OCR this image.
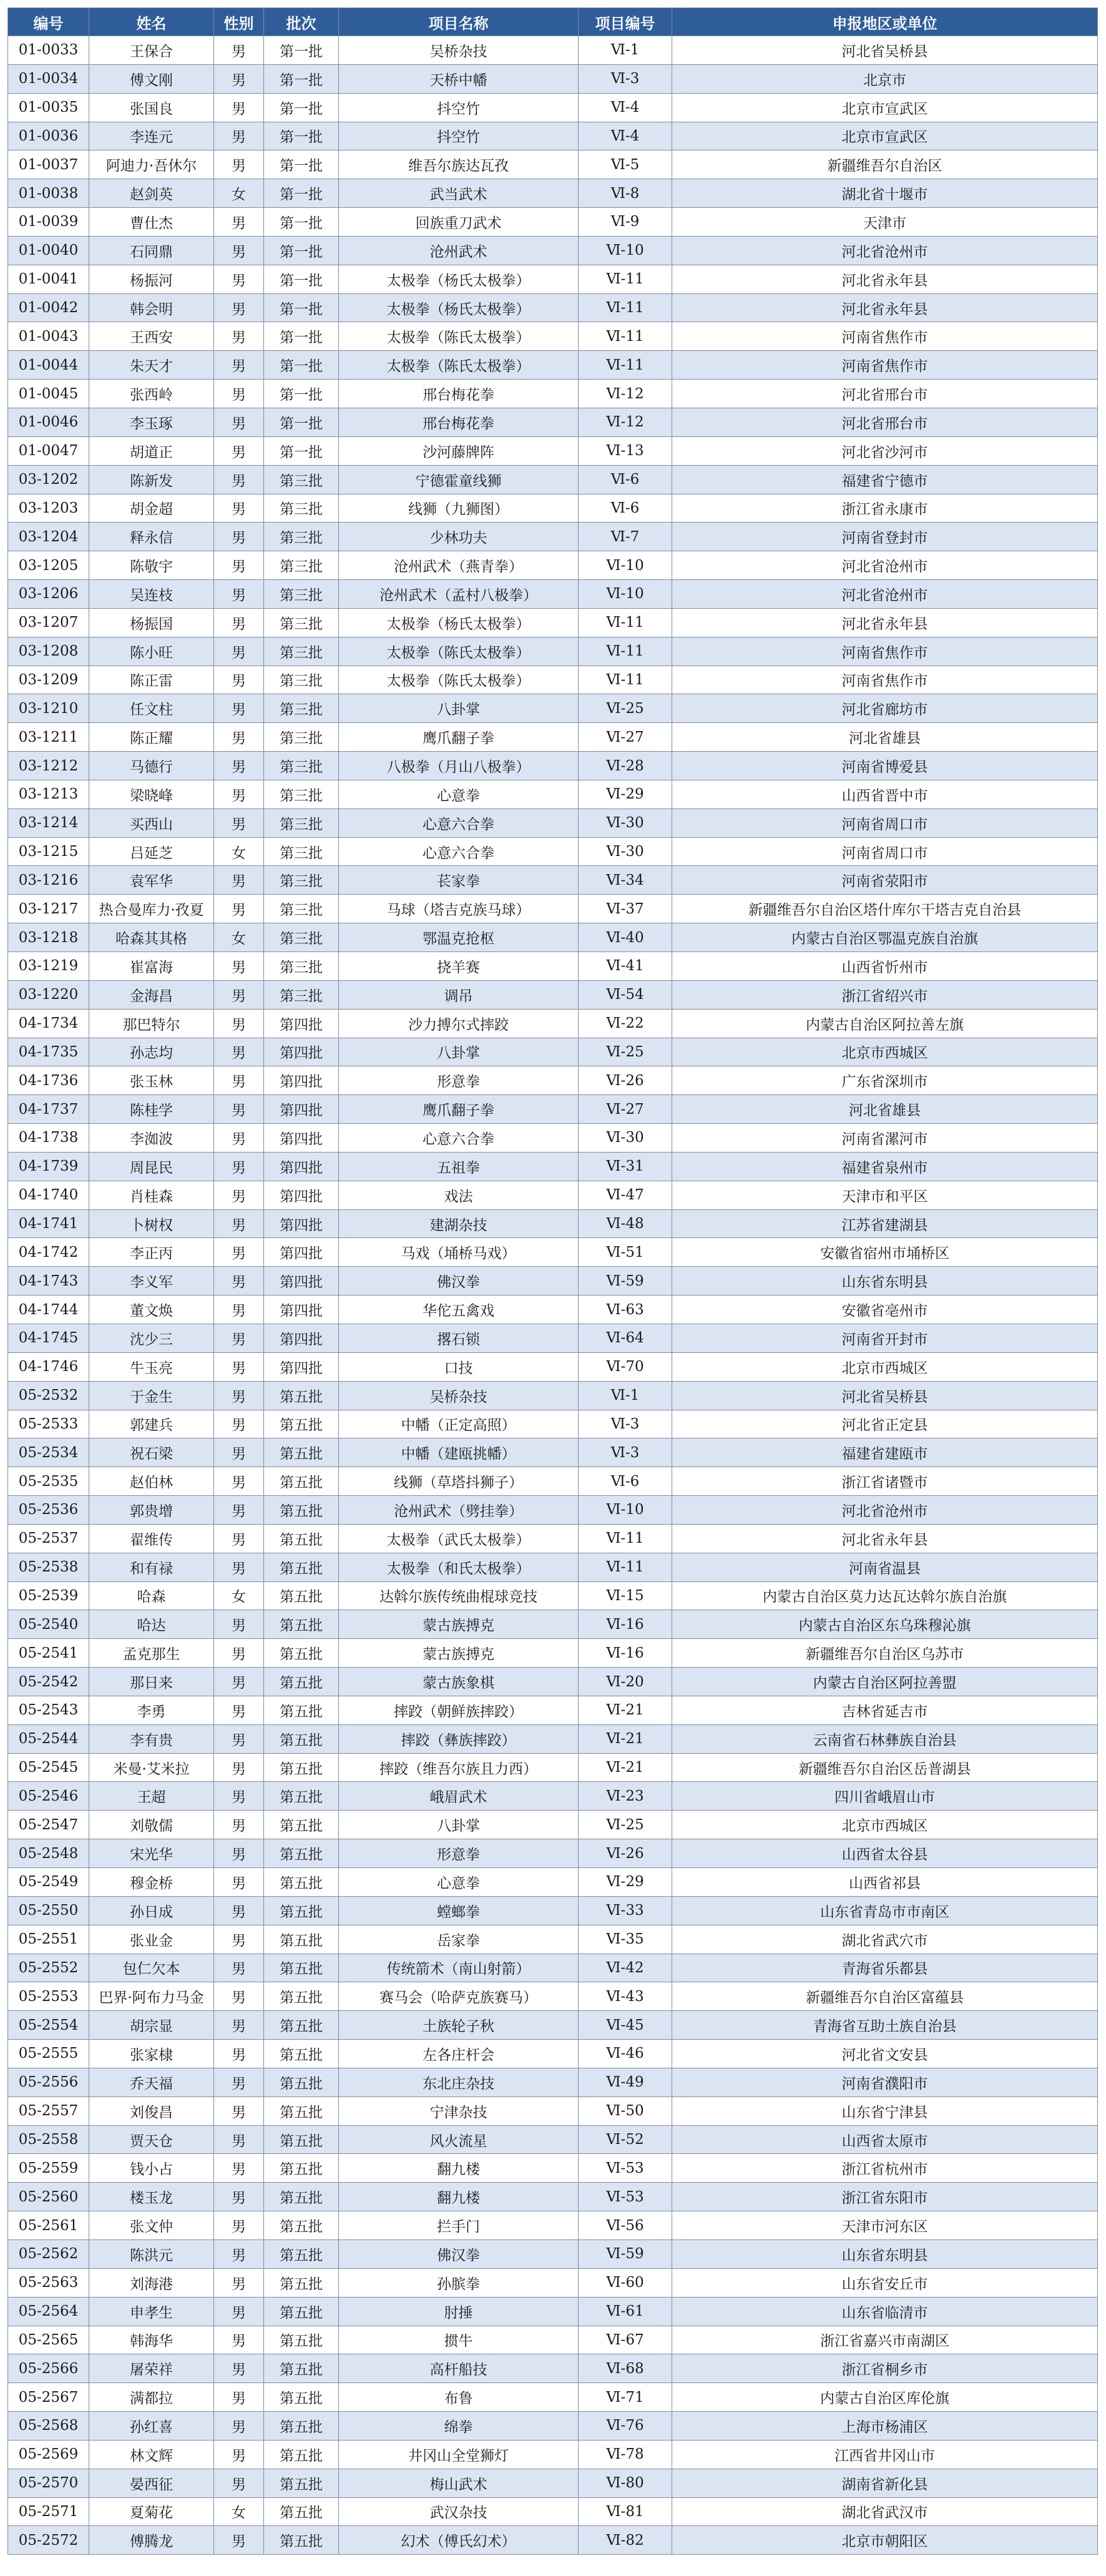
编号	姓名	性别	批次	项目名称	项目编号	申报地区或单位
01-0033	王保合	男	第一批	吴桥杂技	Ⅵ-1	河北省吴桥县
01-0034	傅文刚	男	第一批	天桥中幡	Ⅵ-3	北京市
01-0035	张国良	男	第一批	抖空竹	Ⅵ-4	北京市宣武区
01-0036	李连元	男	第一批	抖空竹	Ⅵ-4	北京市宣武区
01-0037	阿迪力·吾休尔	男	第一批	维吾尔族达瓦孜	Ⅵ-5	新疆维吾尔自治区
01-0038	赵剑英	女	第一批	武当武术	Ⅵ-8	湖北省十堰市
01-0039	曹仕杰	男	第一批	回族重刀武术	Ⅵ-9	天津市
01-0040	石同鼎	男	第一批	沧州武术	Ⅵ-10	河北省沧州市
01-0041	杨振河	男	第一批	太极拳（杨氏太极拳）	Ⅵ-11	河北省永年县
01-0042	韩会明	男	第一批	太极拳（杨氏太极拳）	Ⅵ-11	河北省永年县
01-0043	王西安	男	第一批	太极拳（陈氏太极拳）	Ⅵ-11	河南省焦作市
01-0044	朱天才	男	第一批	太极拳（陈氏太极拳）	Ⅵ-11	河南省焦作市
01-0045	张西岭	男	第一批	邢台梅花拳	Ⅵ-12	河北省邢台市
01-0046	李玉琢	男	第一批	邢台梅花拳	Ⅵ-12	河北省邢台市
01-0047	胡道正	男	第一批	沙河藤牌阵	Ⅵ-13	河北省沙河市
03-1202	陈新发	男	第三批	宁德霍童线狮	Ⅵ-6	福建省宁德市
03-1203	胡金超	男	第三批	线狮（九狮图）	Ⅵ-6	浙江省永康市
03-1204	释永信	男	第三批	少林功夫	Ⅵ-7	河南省登封市
03-1205	陈敬宇	男	第三批	沧州武术（燕青拳）	Ⅵ-10	河北省沧州市
03-1206	吴连枝	男	第三批	沧州武术（孟村八极拳）	Ⅵ-10	河北省沧州市
03-1207	杨振国	男	第三批	太极拳（杨氏太极拳）	Ⅵ-11	河北省永年县
03-1208	陈小旺	男	第三批	太极拳（陈氏太极拳）	Ⅵ-11	河南省焦作市
03-1209	陈正雷	男	第三批	太极拳（陈氏太极拳）	Ⅵ-11	河南省焦作市
03-1210	任文柱	男	第三批	八卦掌	Ⅵ-25	河北省廊坊市
03-1211	陈正耀	男	第三批	鹰爪翻子拳	Ⅵ-27	河北省雄县
03-1212	马德行	男	第三批	八极拳（月山八极拳）	Ⅵ-28	河南省博爱县
03-1213	梁晓峰	男	第三批	心意拳	Ⅵ-29	山西省晋中市
03-1214	买西山	男	第三批	心意六合拳	Ⅵ-30	河南省周口市
03-1215	吕延芝	女	第三批	心意六合拳	Ⅵ-30	河南省周口市
03-1216	袁军华	男	第三批	苌家拳	Ⅵ-34	河南省荥阳市
03-1217	热合曼库力·孜夏	男	第三批	马球（塔吉克族马球）	Ⅵ-37	新疆维吾尔自治区塔什库尔干塔吉克自治县
03-1218	哈森其其格	女	第三批	鄂温克抢枢	Ⅵ-40	内蒙古自治区鄂温克族自治旗
03-1219	崔富海	男	第三批	挠羊赛	Ⅵ-41	山西省忻州市
03-1220	金海昌	男	第三批	调吊	Ⅵ-54	浙江省绍兴市
04-1734	那巴特尔	男	第四批	沙力搏尔式摔跤	Ⅵ-22	内蒙古自治区阿拉善左旗
04-1735	孙志均	男	第四批	八卦掌	Ⅵ-25	北京市西城区
04-1736	张玉林	男	第四批	形意拳	Ⅵ-26	广东省深圳市
04-1737	陈桂学	男	第四批	鹰爪翻子拳	Ⅵ-27	河北省雄县
04-1738	李洳波	男	第四批	心意六合拳	Ⅵ-30	河南省漯河市
04-1739	周昆民	男	第四批	五祖拳	Ⅵ-31	福建省泉州市
04-1740	肖桂森	男	第四批	戏法	Ⅵ-47	天津市和平区
04-1741	卜树权	男	第四批	建湖杂技	Ⅵ-48	江苏省建湖县
04-1742	李正丙	男	第四批	马戏（埇桥马戏）	Ⅵ-51	安徽省宿州市埇桥区
04-1743	李义军	男	第四批	佛汉拳	Ⅵ-59	山东省东明县
04-1744	董文焕	男	第四批	华佗五禽戏	Ⅵ-63	安徽省亳州市
04-1745	沈少三	男	第四批	撂石锁	Ⅵ-64	河南省开封市
04-1746	牛玉亮	男	第四批	口技	Ⅵ-70	北京市西城区
05-2532	于金生	男	第五批	吴桥杂技	Ⅵ-1	河北省吴桥县
05-2533	郭建兵	男	第五批	中幡（正定高照）	Ⅵ-3	河北省正定县
05-2534	祝石梁	男	第五批	中幡（建瓯挑幡）	Ⅵ-3	福建省建瓯市
05-2535	赵伯林	男	第五批	线狮（草塔抖狮子）	Ⅵ-6	浙江省诸暨市
05-2536	郭贵增	男	第五批	沧州武术（劈挂拳）	Ⅵ-10	河北省沧州市
05-2537	翟维传	男	第五批	太极拳（武氏太极拳）	Ⅵ-11	河北省永年县
05-2538	和有禄	男	第五批	太极拳（和氏太极拳）	Ⅵ-11	河南省温县
05-2539	哈森	女	第五批	达斡尔族传统曲棍球竞技	Ⅵ-15	内蒙古自治区莫力达瓦达斡尔族自治旗
05-2540	哈达	男	第五批	蒙古族搏克	Ⅵ-16	内蒙古自治区东乌珠穆沁旗
05-2541	孟克那生	男	第五批	蒙古族搏克	Ⅵ-16	新疆维吾尔自治区乌苏市
05-2542	那日来	男	第五批	蒙古族象棋	Ⅵ-20	内蒙古自治区阿拉善盟
05-2543	李勇	男	第五批	摔跤（朝鲜族摔跤）	Ⅵ-21	吉林省延吉市
05-2544	李有贵	男	第五批	摔跤（彝族摔跤）	Ⅵ-21	云南省石林彝族自治县
05-2545	米曼·艾米拉	男	第五批	摔跤（维吾尔族且力西）	Ⅵ-21	新疆维吾尔自治区岳普湖县
05-2546	王超	男	第五批	峨眉武术	Ⅵ-23	四川省峨眉山市
05-2547	刘敬儒	男	第五批	八卦掌	Ⅵ-25	北京市西城区
05-2548	宋光华	男	第五批	形意拳	Ⅵ-26	山西省太谷县
05-2549	穆金桥	男	第五批	心意拳	Ⅵ-29	山西省祁县
05-2550	孙日成	男	第五批	螳螂拳	Ⅵ-33	山东省青岛市市南区
05-2551	张业金	男	第五批	岳家拳	Ⅵ-35	湖北省武穴市
05-2552	包仁欠本	男	第五批	传统箭术（南山射箭）	Ⅵ-42	青海省乐都县
05-2553	巴界·阿布力马金	男	第五批	赛马会（哈萨克族赛马）	Ⅵ-43	新疆维吾尔自治区富蕴县
05-2554	胡宗显	男	第五批	土族轮子秋	Ⅵ-45	青海省互助土族自治县
05-2555	张家棣	男	第五批	左各庄杆会	Ⅵ-46	河北省文安县
05-2556	乔天福	男	第五批	东北庄杂技	Ⅵ-49	河南省濮阳市
05-2557	刘俊昌	男	第五批	宁津杂技	Ⅵ-50	山东省宁津县
05-2558	贾天仓	男	第五批	风火流星	Ⅵ-52	山西省太原市
05-2559	钱小占	男	第五批	翻九楼	Ⅵ-53	浙江省杭州市
05-2560	楼玉龙	男	第五批	翻九楼	Ⅵ-53	浙江省东阳市
05-2561	张文仲	男	第五批	拦手门	Ⅵ-56	天津市河东区
05-2562	陈洪元	男	第五批	佛汉拳	Ⅵ-59	山东省东明县
05-2563	刘海港	男	第五批	孙膑拳	Ⅵ-60	山东省安丘市
05-2564	申孝生	男	第五批	肘捶	Ⅵ-61	山东省临清市
05-2565	韩海华	男	第五批	掼牛	Ⅵ-67	浙江省嘉兴市南湖区
05-2566	屠荣祥	男	第五批	高杆船技	Ⅵ-68	浙江省桐乡市
05-2567	满都拉	男	第五批	布鲁	Ⅵ-71	内蒙古自治区库伦旗
05-2568	孙红喜	男	第五批	绵拳	Ⅵ-76	上海市杨浦区
05-2569	林文辉	男	第五批	井冈山全堂狮灯	Ⅵ-78	江西省井冈山市
05-2570	晏西征	男	第五批	梅山武术	Ⅵ-80	湖南省新化县
05-2571	夏菊花	女	第五批	武汉杂技	Ⅵ-81	湖北省武汉市
05-2572	傅腾龙	男	第五批	幻术（傅氏幻术）	Ⅵ-82	北京市朝阳区
